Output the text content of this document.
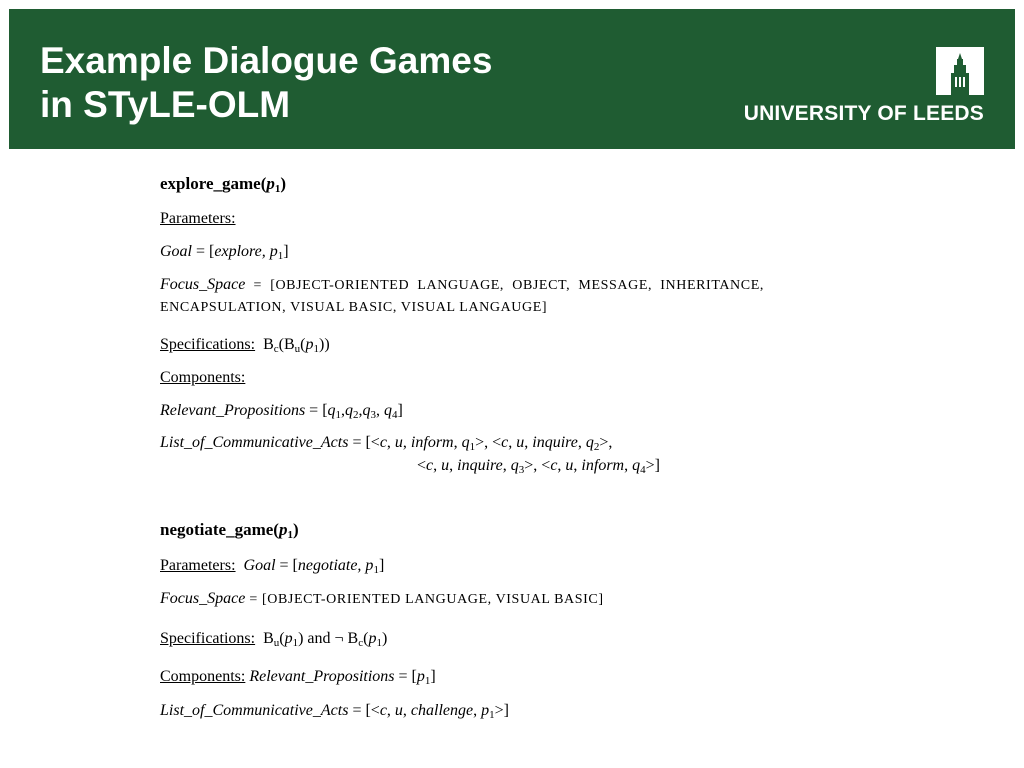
Example Dialogue Games
in STyLE-OLM	UNIVERSITY OF LEEDS
$explore\_game(p_1)$
Parameters:
Goal = [explore, $p_1$]
Focus_Space  =  [OBJECT-ORIENTED  LANGUAGE,  OBJECT,  MESSAGE,  INHERITANCE,
ENCAPSULATION, VISUAL BASIC, VISUAL LANGAUGE]
Specifications:  $B_c(B_u(p_1))$
Components:
Relevant_Propositions = [$q_1,q_2,q_3$, $q_4$]
List_of_Communicative_Acts = [<c, u, inform, $q_1>$, <c, u, inquire, $q_2>$,
<c, u, inquire, $q_3>$, <c, u, inform, $q_4>$]
$negotiate\_game(p_1)$
Parameters: Goal = [negotiate, $p_1$]
Focus_Space = [OBJECT-ORIENTED LANGUAGE, VISUAL BASIC]
Specifications:  $B_u(p_1)$ and ¬ $B_c(p_1)$
Components: Relevant_Propositions = $[p_1]$
List_of_Communicative_Acts = [<c, u, challenge, $p_1>$]
